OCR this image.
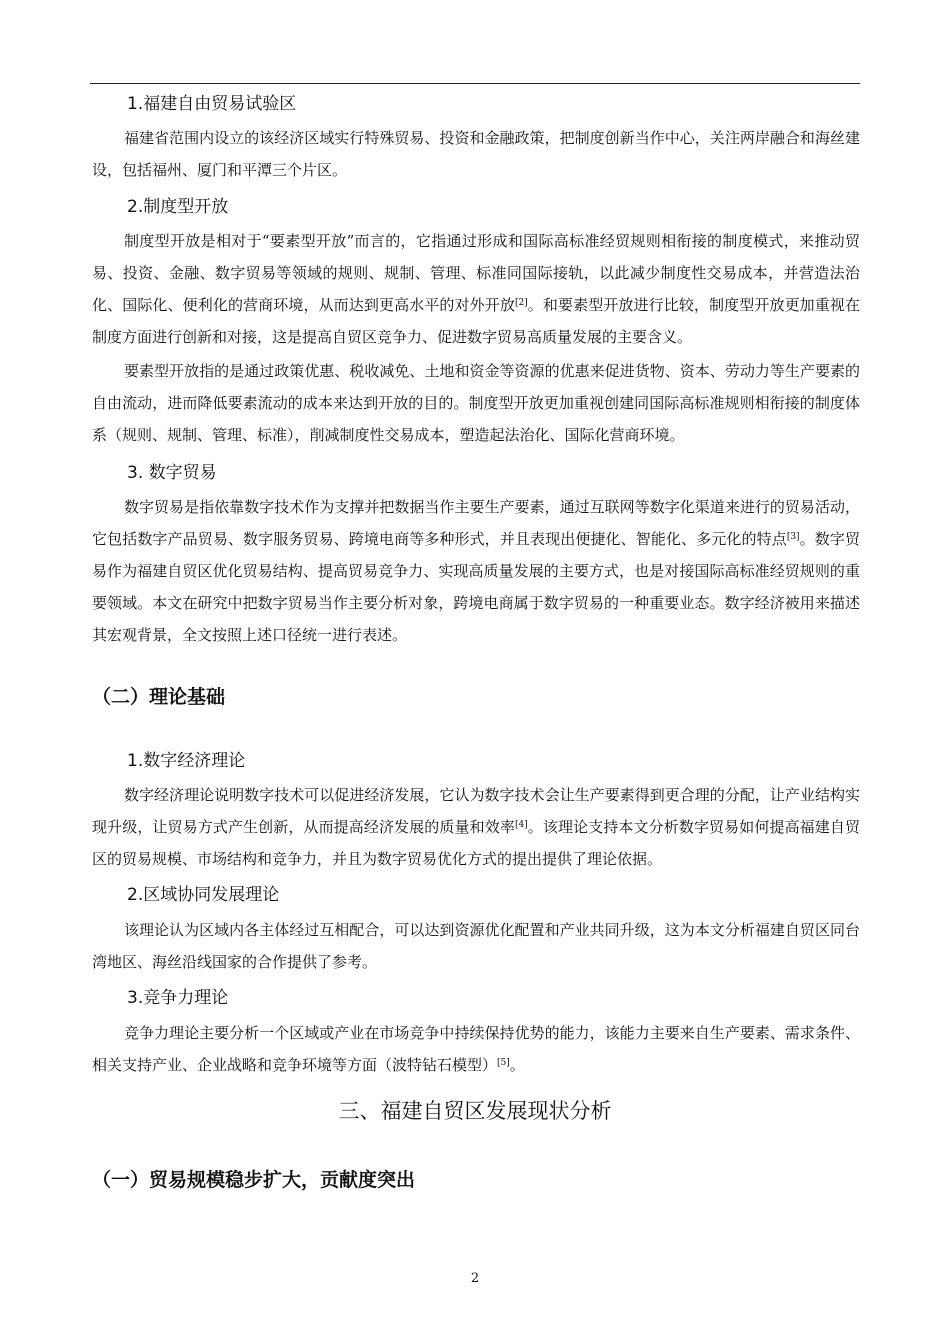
1.福建自由贸易试验区

福建省范围内设立的该经济区域实行特殊贸易、投资和金融政策，把制度创新当作中心，关注两岸融合和海丝建设，包括福州、厦门和平潭三个片区。

2.制度型开放

制度型开放是相对于“要素型开放”而言的，它指通过形成和国际高标准经贸规则相衔接的制度模式，来推动贸易、投资、金融、数字贸易等领域的规则、规制、管理、标准同国际接轨，以此减少制度性交易成本，并营造法治化、国际化、便利化的营商环境，从而达到更高水平的对外开放[2]。和要素型开放进行比较，制度型开放更加重视在制度方面进行创新和对接，这是提高自贸区竞争力、促进数字贸易高质量发展的主要含义。

要素型开放指的是通过政策优惠、税收减免、土地和资金等资源的优惠来促进货物、资本、劳动力等生产要素的自由流动，进而降低要素流动的成本来达到开放的目的。制度型开放更加重视创建同国际高标准规则相衔接的制度体系（规则、规制、管理、标准），削减制度性交易成本，塑造起法治化、国际化营商环境。

3. 数字贸易

数字贸易是指依靠数字技术作为支撑并把数据当作主要生产要素，通过互联网等数字化渠道来进行的贸易活动，它包括数字产品贸易、数字服务贸易、跨境电商等多种形式，并且表现出便捷化、智能化、多元化的特点[3]。数字贸易作为福建自贸区优化贸易结构、提高贸易竞争力、实现高质量发展的主要方式，也是对接国际高标准经贸规则的重要领域。本文在研究中把数字贸易当作主要分析对象，跨境电商属于数字贸易的一种重要业态。数字经济被用来描述其宏观背景，全文按照上述口径统一进行表述。

（二）理论基础
1.数字经济理论

数字经济理论说明数字技术可以促进经济发展，它认为数字技术会让生产要素得到更合理的分配，让产业结构实现升级，让贸易方式产生创新，从而提高经济发展的质量和效率[4]。该理论支持本文分析数字贸易如何提高福建自贸区的贸易规模、市场结构和竞争力，并且为数字贸易优化方式的提出提供了理论依据。

2.区域协同发展理论

该理论认为区域内各主体经过互相配合，可以达到资源优化配置和产业共同升级，这为本文分析福建自贸区同台湾地区、海丝沿线国家的合作提供了参考。

3.竞争力理论

竞争力理论主要分析一个区域或产业在市场竞争中持续保持优势的能力，该能力主要来自生产要素、需求条件、相关支持产业、企业战略和竞争环境等方面（波特钻石模型）[5]。

三、福建自贸区发展现状分析
（一）贸易规模稳步扩大，贡献度突出
2
